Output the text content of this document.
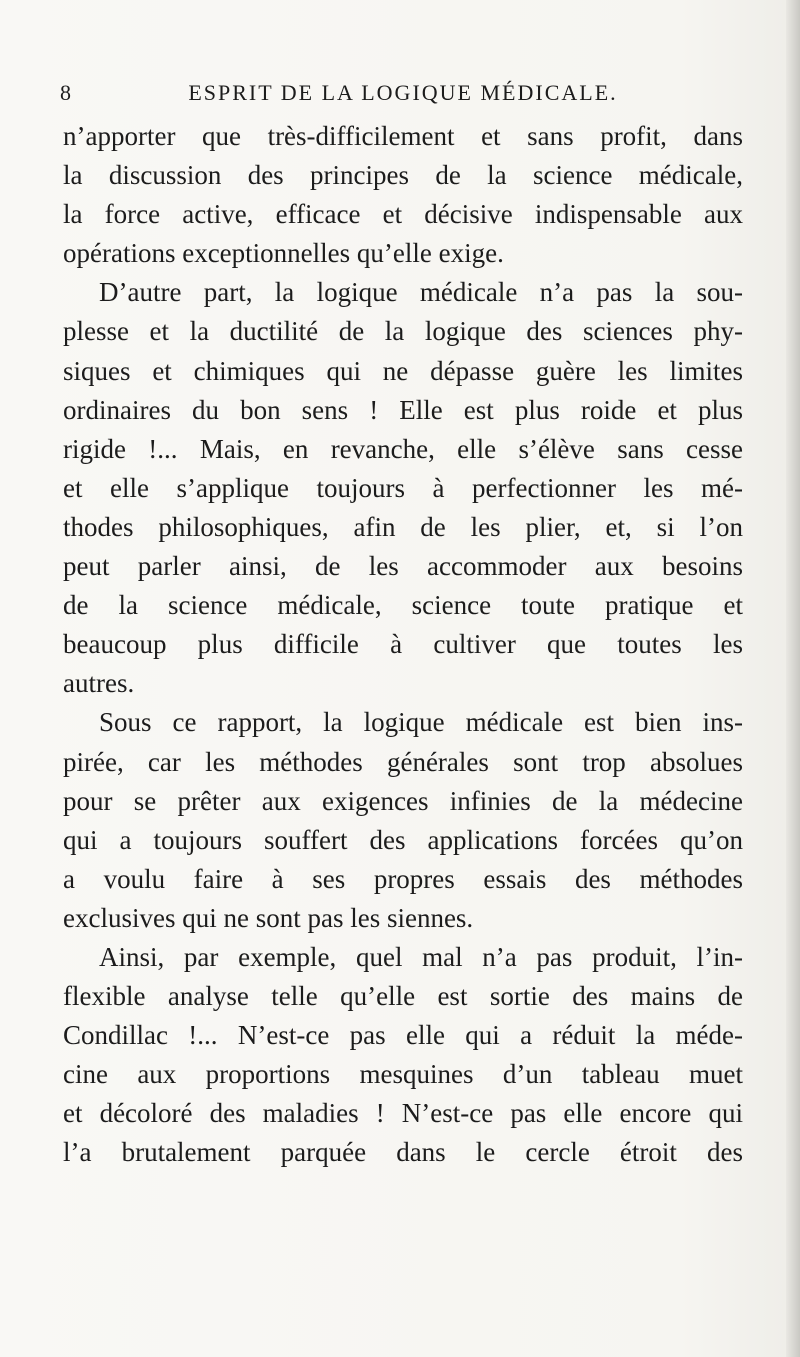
8	ESPRIT DE LA LOGIQUE MÉDICALE.
n’apporter que très-difficilement et sans profit, dans
la discussion des principes de la science médicale,
la force active, efficace et décisive indispensable aux
opérations exceptionnelles qu’elle exige.
D’autre part, la logique médicale n’a pas la sou-
plesse et la ductilité de la logique des sciences phy-
siques et chimiques qui ne dépasse guère les limites
ordinaires du bon sens ! Elle est plus roide et plus
rigide !... Mais, en revanche, elle s’élève sans cesse
et elle s’applique toujours à perfectionner les mé-
thodes philosophiques, afin de les plier, et, si l’on
peut parler ainsi, de les accommoder aux besoins
de la science médicale, science toute pratique et
beaucoup plus difficile à cultiver que toutes les
autres.
Sous ce rapport, la logique médicale est bien ins-
pirée, car les méthodes générales sont trop absolues
pour se prêter aux exigences infinies de la médecine
qui a toujours souffert des applications forcées qu’on
a voulu faire à ses propres essais des méthodes
exclusives qui ne sont pas les siennes.
Ainsi, par exemple, quel mal n’a pas produit, l’in-
flexible analyse telle qu’elle est sortie des mains de
Condillac !... N’est-ce pas elle qui a réduit la méde-
cine aux proportions mesquines d’un tableau muet
et décoloré des maladies ! N’est-ce pas elle encore qui
l’a brutalement parquée dans le cercle étroit des
